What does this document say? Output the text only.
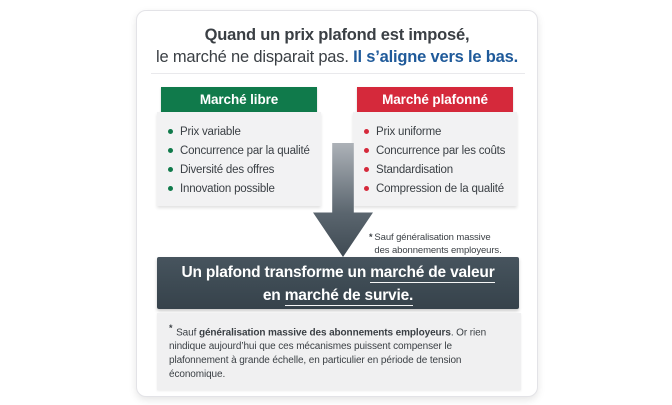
Quand un prix plafond est imposé,
le marché ne disparait pas. Il s’aligne vers le bas.
Marché libre
Prix variable
Concurrence par la qualité
Diversité des offres
Innovation possible
Marché plafonné
Prix uniforme
Concurrence par les coûts
Standardisation
Compression de la qualité
* Sauf généralisation massive
des abonnements employeurs.
Un plafond transforme un marché de valeur
en marché de survie.
* Sauf généralisation massive des abonnements employeurs. Or rien nindique aujourd’hui que ces mécanismes puissent compenser le plafonnement à grande échelle, en particulier en période de tension économique.
